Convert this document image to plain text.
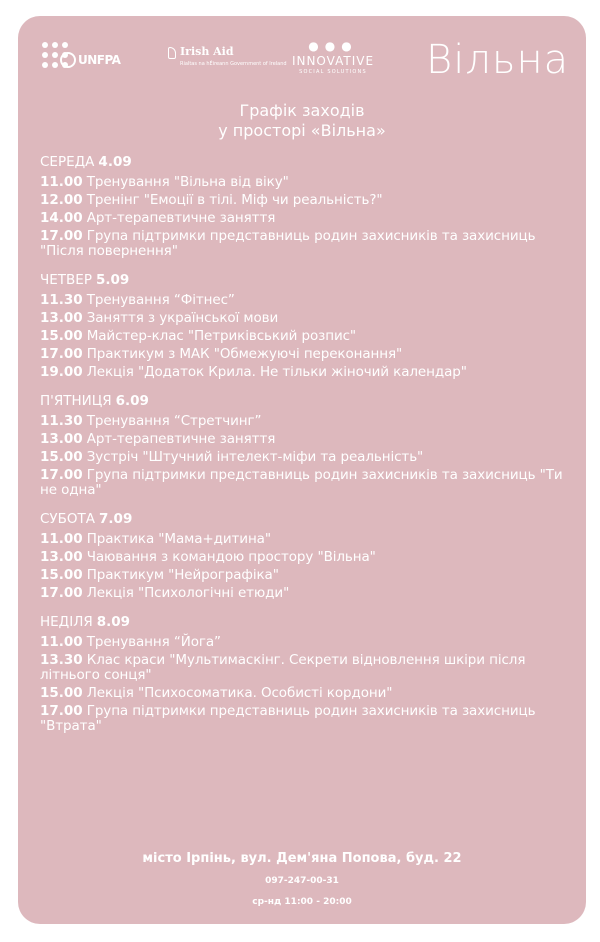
UNFPA
Irish Aid
Rialtas na hÉireann Government of Ireland
●●●
INNOVATIVE
SOCIAL SOLUTIONS	Вільна
Графік заходів
у просторі «Вільна»
СЕРЕДА 4.09
11.00 Тренування "Вільна від віку"
12.00 Тренінг "Емоції в тілі. Міф чи реальність?"
14.00 Арт-терапевтичне заняття
17.00 Група підтримки представниць родин захисників та захисниць "Після повернення"
ЧЕТВЕР 5.09
11.30 Тренування “Фітнес”
13.00 Заняття з української мови
15.00 Майстер-клас "Петриківський розпис"
17.00 Практикум з МАК "Обмежуючі переконання"
19.00 Лекція "Додаток Крила. Не тільки жіночий календар"
П'ЯТНИЦЯ 6.09
11.30 Тренування “Стретчинг”
13.00 Арт-терапевтичне заняття
15.00 Зустріч "Штучний інтелект-міфи та реальність"
17.00 Група підтримки представниць родин захисників та захисниць "Ти не одна"
СУБОТА 7.09
11.00 Практика "Мама+дитина"
13.00 Чаювання з командою простору "Вільна"
15.00 Практикум "Нейрографіка"
17.00 Лекція "Психологічні етюди"
НЕДІЛЯ 8.09
11.00 Тренування “Йога”
13.30 Клас краси "Мультимаскінг. Секрети відновлення шкіри після літнього сонця"
15.00 Лекція "Психосоматика. Особисті кордони"
17.00 Група підтримки представниць родин захисників та захисниць "Втрата"
місто Ірпінь, вул. Дем'яна Попова, буд. 22
097-247-00-31
ср-нд 11:00 - 20:00
